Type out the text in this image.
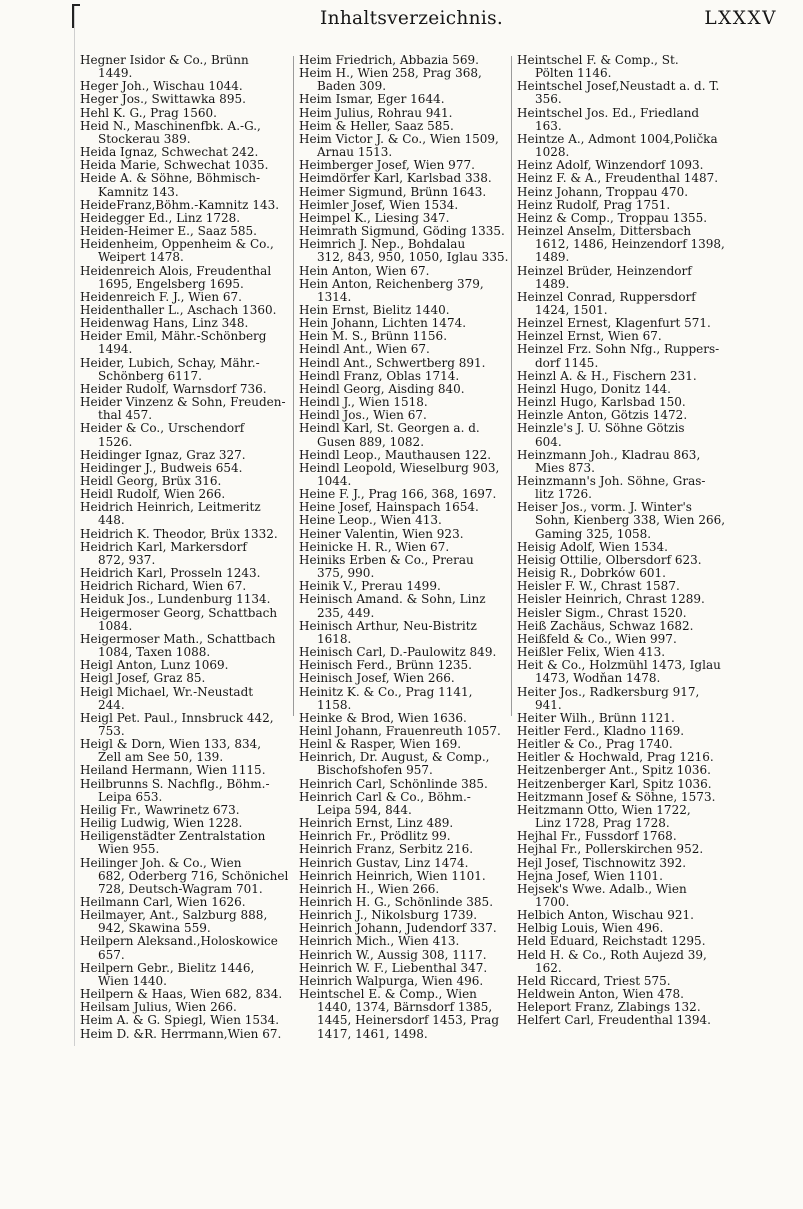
Inhaltsverzeichnis.	LXXXV
Hegner Isidor & Co., Brünn
1449.
Heger Joh., Wischau 1044.
Heger Jos., Swittawka 895.
Hehl K. G., Prag 1560.
Heid N., Maschinenfbk. A.-G.,
Stockerau 389.
Heida Ignaz, Schwechat 242.
Heida Marie, Schwechat 1035.
Heide A. & Söhne, Böhmisch-
Kamnitz 143.
HeideFranz,Böhm.-Kamnitz 143.
Heidegger Ed., Linz 1728.
Heiden-Heimer E., Saaz 585.
Heidenheim, Oppenheim & Co.,
Weipert 1478.
Heidenreich Alois, Freudenthal
1695, Engelsberg 1695.
Heidenreich F. J., Wien 67.
Heidenthaller L., Aschach 1360.
Heidenwag Hans, Linz 348.
Heider Emil, Mähr.-Schönberg
1494.
Heider, Lubich, Schay, Mähr.-
Schönberg 6117.
Heider Rudolf, Warnsdorf 736.
Heider Vinzenz & Sohn, Freuden-
thal 457.
Heider & Co., Urschendorf
1526.
Heidinger Ignaz, Graz 327.
Heidinger J., Budweis 654.
Heidl Georg, Brüx 316.
Heidl Rudolf, Wien 266.
Heidrich Heinrich, Leitmeritz
448.
Heidrich K. Theodor, Brüx 1332.
Heidrich Karl, Markersdorf
872, 937.
Heidrich Karl, Prosseln 1243.
Heidrich Richard, Wien 67.
Heiduk Jos., Lundenburg 1134.
Heigermoser Georg, Schattbach
1084.
Heigermoser Math., Schattbach
1084, Taxen 1088.
Heigl Anton, Lunz 1069.
Heigl Josef, Graz 85.
Heigl Michael, Wr.-Neustadt
244.
Heigl Pet. Paul., Innsbruck 442,
753.
Heigl & Dorn, Wien 133, 834,
Zell am See 50, 139.
Heiland Hermann, Wien 1115.
Heilbrunns S. Nachflg., Böhm.-
Leipa 653.
Heilig Fr., Wawrinetz 673.
Heilig Ludwig, Wien 1228.
Heiligenstädter Zentralstation
Wien 955.
Heilinger Joh. & Co., Wien
682, Oderberg 716, Schönichel
728, Deutsch-Wagram 701.
Heilmann Carl, Wien 1626.
Heilmayer, Ant., Salzburg 888,
942, Skawina 559.
Heilpern Aleksand.,Holoskowice
657.
Heilpern Gebr., Bielitz 1446,
Wien 1440.
Heilpern & Haas, Wien 682, 834.
Heilsam Julius, Wien 266.
Heim A. & G. Spiegl, Wien 1534.
Heim D. &R. Herrmann,Wien 67.
Heim Friedrich, Abbazia 569.
Heim H., Wien 258, Prag 368,
Baden 309.
Heim Ismar, Eger 1644.
Heim Julius, Rohrau 941.
Heim & Heller, Saaz 585.
Heim Victor J. & Co., Wien 1509,
Arnau 1513.
Heimberger Josef, Wien 977.
Heimdörfer Karl, Karlsbad 338.
Heimer Sigmund, Brünn 1643.
Heimler Josef, Wien 1534.
Heimpel K., Liesing 347.
Heimrath Sigmund, Göding 1335.
Heimrich J. Nep., Bohdalau
312, 843, 950, 1050, Iglau 335.
Hein Anton, Wien 67.
Hein Anton, Reichenberg 379,
1314.
Hein Ernst, Bielitz 1440.
Hein Johann, Lichten 1474.
Hein M. S., Brünn 1156.
Heindl Ant., Wien 67.
Heindl Ant., Schwertberg 891.
Heindl Franz, Oblas 1714.
Heindl Georg, Aisding 840.
Heindl J., Wien 1518.
Heindl Jos., Wien 67.
Heindl Karl, St. Georgen a. d.
Gusen 889, 1082.
Heindl Leop., Mauthausen 122.
Heindl Leopold, Wieselburg 903,
1044.
Heine F. J., Prag 166, 368, 1697.
Heine Josef, Hainspach 1654.
Heine Leop., Wien 413.
Heiner Valentin, Wien 923.
Heinicke H. R., Wien 67.
Heiniks Erben & Co., Prerau
375, 990.
Heinik V., Prerau 1499.
Heinisch Amand. & Sohn, Linz
235, 449.
Heinisch Arthur, Neu-Bistritz
1618.
Heinisch Carl, D.-Paulowitz 849.
Heinisch Ferd., Brünn 1235.
Heinisch Josef, Wien 266.
Heinitz K. & Co., Prag 1141,
1158.
Heinke & Brod, Wien 1636.
Heinl Johann, Frauenreuth 1057.
Heinl & Rasper, Wien 169.
Heinrich, Dr. August, & Comp.,
Bischofshofen 957.
Heinrich Carl, Schönlinde 385.
Heinrich Carl & Co., Böhm.-
Leipa 594, 844.
Heinrich Ernst, Linz 489.
Heinrich Fr., Prödlitz 99.
Heinrich Franz, Serbitz 216.
Heinrich Gustav, Linz 1474.
Heinrich Heinrich, Wien 1101.
Heinrich H., Wien 266.
Heinrich H. G., Schönlinde 385.
Heinrich J., Nikolsburg 1739.
Heinrich Johann, Judendorf 337.
Heinrich Mich., Wien 413.
Heinrich W., Aussig 308, 1117.
Heinrich W. F., Liebenthal 347.
Heinrich Walpurga, Wien 496.
Heintschel E. & Comp., Wien
1440, 1374, Bärnsdorf 1385,
1445, Heinersdorf 1453, Prag
1417, 1461, 1498.
Heintschel F. & Comp., St.
Pölten 1146.
Heintschel Josef,Neustadt a. d. T.
356.
Heintschel Jos. Ed., Friedland
163.
Heintze A., Admont 1004,Polička
1028.
Heinz Adolf, Winzendorf 1093.
Heinz F. & A., Freudenthal 1487.
Heinz Johann, Troppau 470.
Heinz Rudolf, Prag 1751.
Heinz & Comp., Troppau 1355.
Heinzel Anselm, Dittersbach
1612, 1486, Heinzendorf 1398,
1489.
Heinzel Brüder, Heinzendorf
1489.
Heinzel Conrad, Ruppersdorf
1424, 1501.
Heinzel Ernest, Klagenfurt 571.
Heinzel Ernst, Wien 67.
Heinzel Frz. Sohn Nfg., Ruppers-
dorf 1145.
Heinzl A. & H., Fischern 231.
Heinzl Hugo, Donitz 144.
Heinzl Hugo, Karlsbad 150.
Heinzle Anton, Götzis 1472.
Heinzle's J. U. Söhne Götzis
604.
Heinzmann Joh., Kladrau 863,
Mies 873.
Heinzmann's Joh. Söhne, Gras-
litz 1726.
Heiser Jos., vorm. J. Winter's
Sohn, Kienberg 338, Wien 266,
Gaming 325, 1058.
Heisig Adolf, Wien 1534.
Heisig Ottilie, Olbersdorf 623.
Heisig R., Dobrków 601.
Heisler F. W., Chrast 1587.
Heisler Heinrich, Chrast 1289.
Heisler Sigm., Chrast 1520.
Heiß Zachäus, Schwaz 1682.
Heißfeld & Co., Wien 997.
Heißler Felix, Wien 413.
Heit & Co., Holzmühl 1473, Iglau
1473, Wodňan 1478.
Heiter Jos., Radkersburg 917,
941.
Heiter Wilh., Brünn 1121.
Heitler Ferd., Kladno 1169.
Heitler & Co., Prag 1740.
Heitler & Hochwald, Prag 1216.
Heitzenberger Ant., Spitz 1036.
Heitzenberger Karl, Spitz 1036.
Heitzmann Josef & Söhne, 1573.
Heitzmann Otto, Wien 1722,
Linz 1728, Prag 1728.
Hejhal Fr., Fussdorf 1768.
Hejhal Fr., Pollerskirchen 952.
Hejl Josef, Tischnowitz 392.
Hejna Josef, Wien 1101.
Hejsek's Wwe. Adalb., Wien
1700.
Helbich Anton, Wischau 921.
Helbig Louis, Wien 496.
Held Eduard, Reichstadt 1295.
Held H. & Co., Roth Aujezd 39,
162.
Held Riccard, Triest 575.
Heldwein Anton, Wien 478.
Heleport Franz, Zlabings 132.
Helfert Carl, Freudenthal 1394.
